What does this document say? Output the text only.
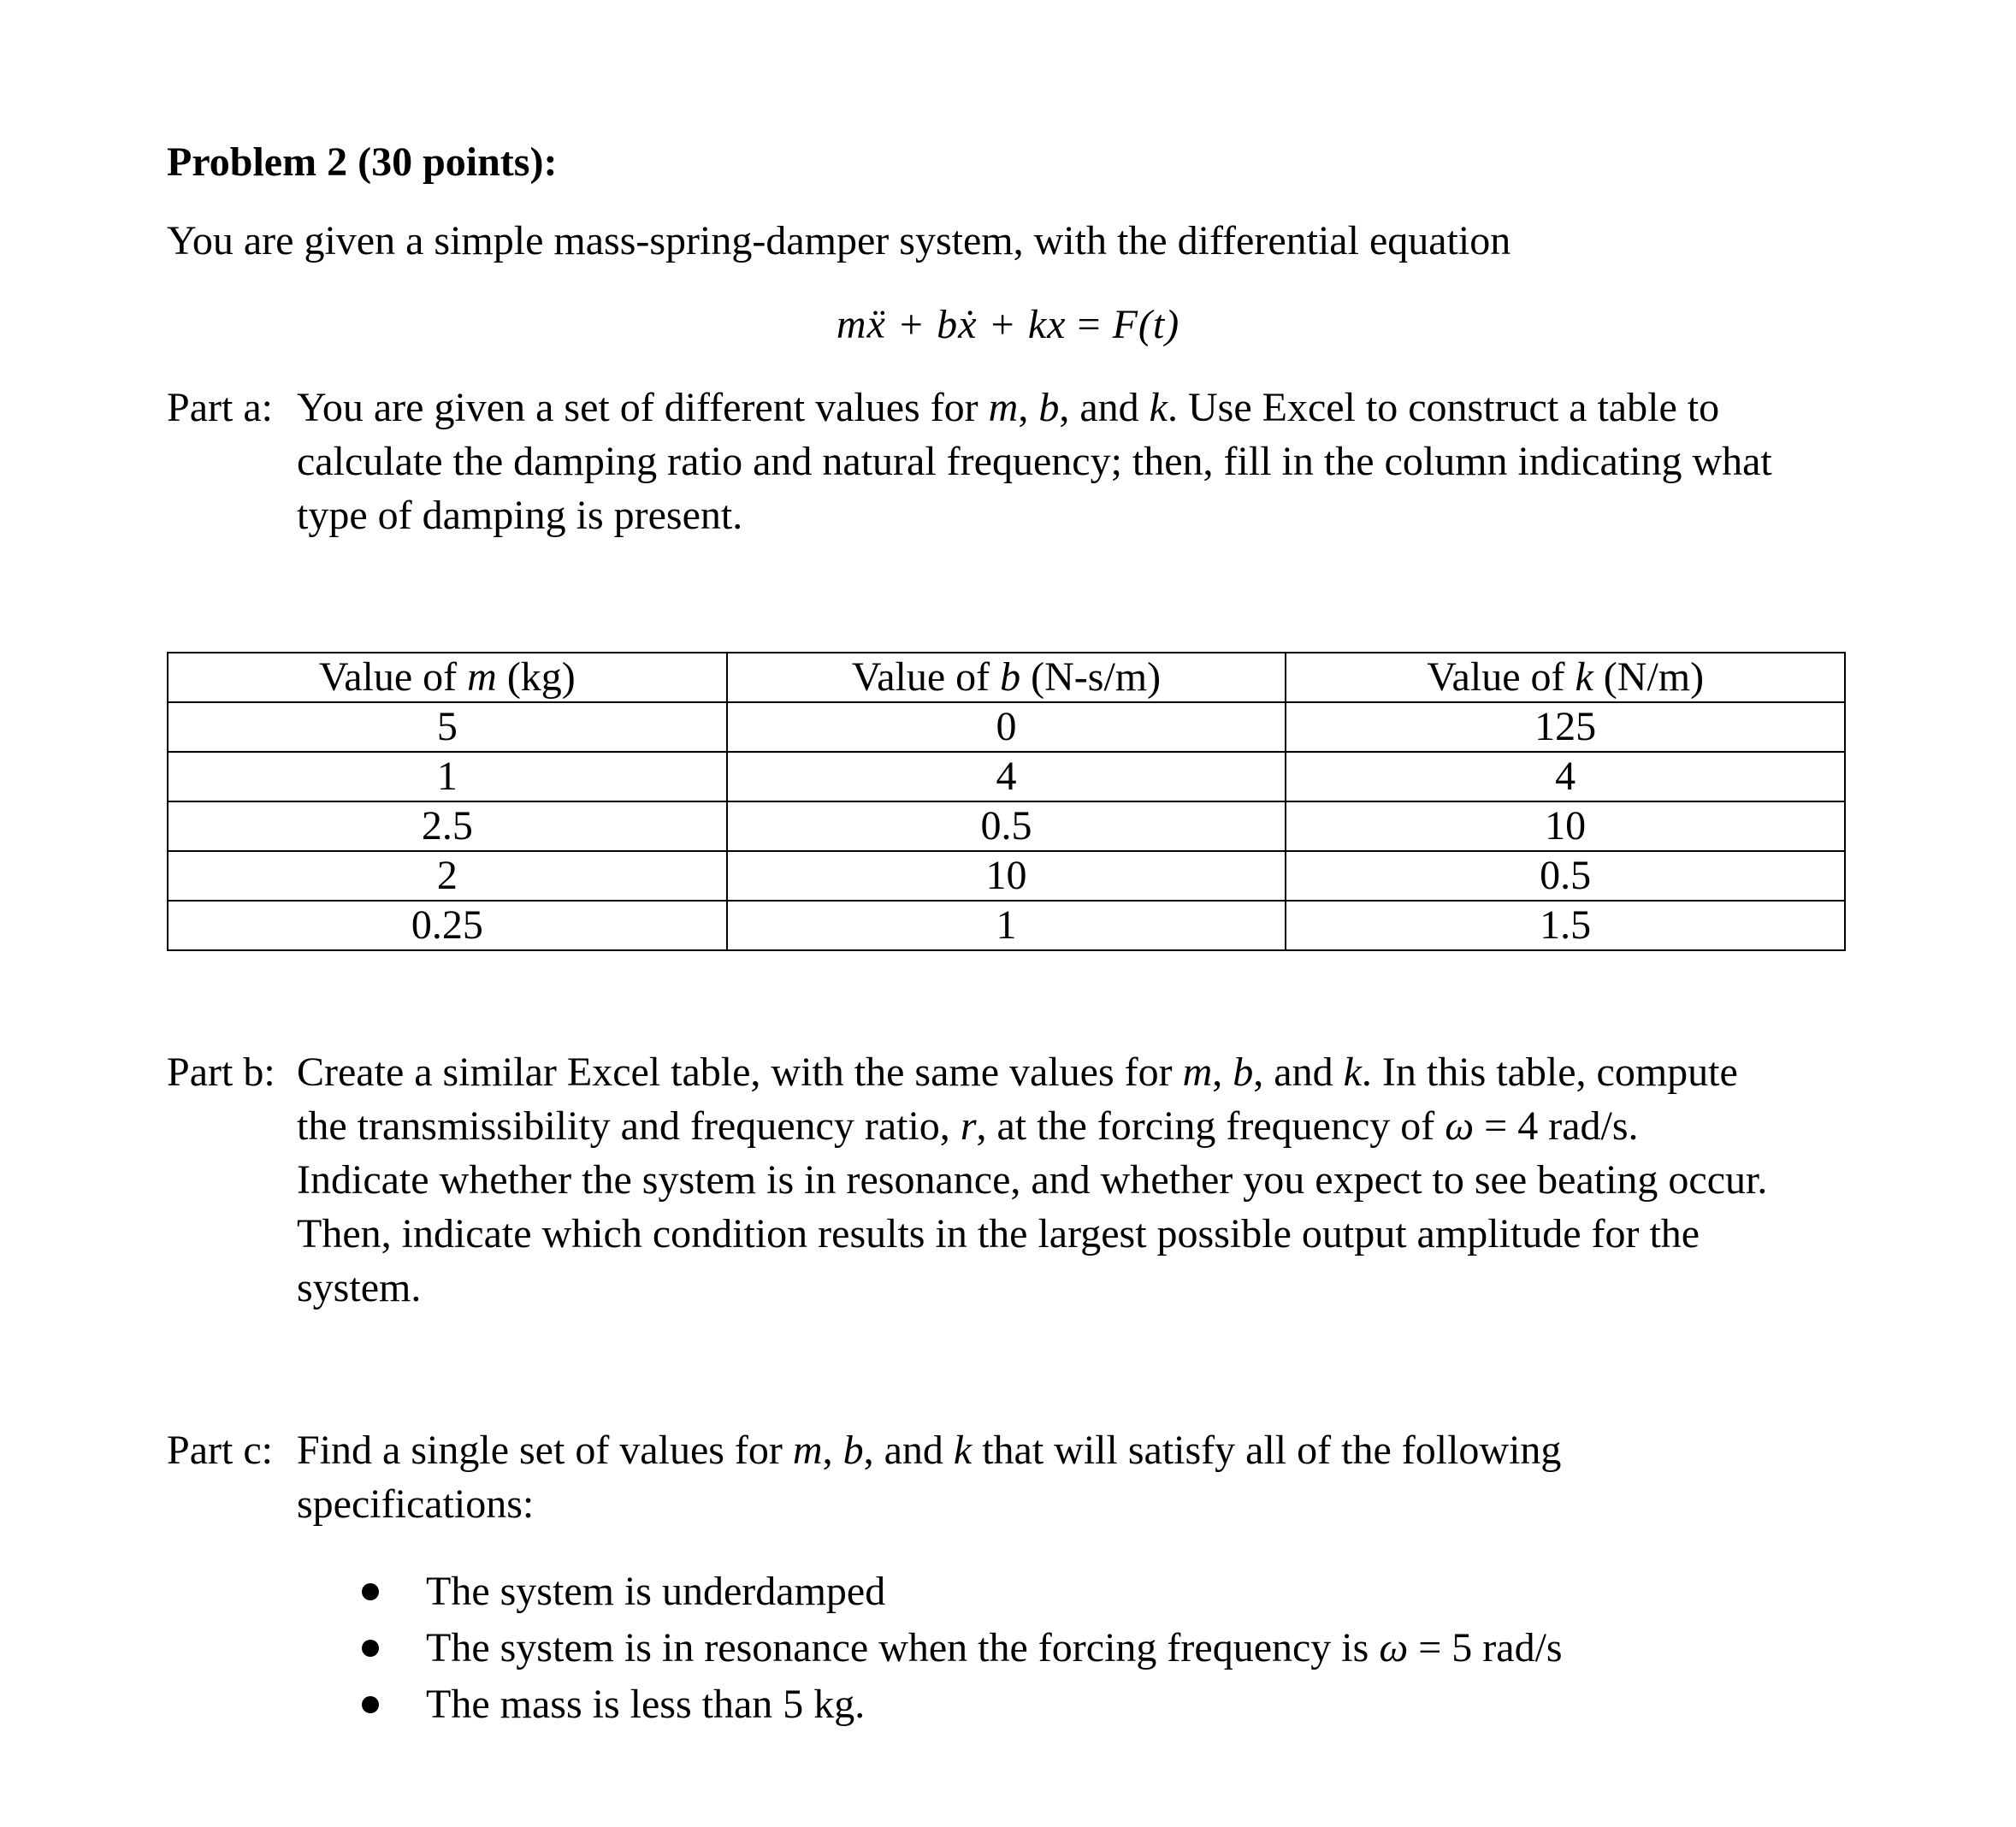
Problem 2 (30 points):
You are given a simple mass-spring-damper system, with the differential equation
mẍ + bẋ + kx = F(t)
Part a: You are given a set of different values for m, b, and k. Use Excel to construct a table to
calculate the damping ratio and natural frequency; then, fill in the column indicating what
type of damping is present.
Value of m (kg)	Value of b (N-s/m)	Value of k (N/m)
5	0	125
1	4	4
2.5	0.5	10
2	10	0.5
0.25	1	1.5
Part b: Create a similar Excel table, with the same values for m, b, and k. In this table, compute
the transmissibility and frequency ratio, r, at the forcing frequency of ω = 4 rad/s.
Indicate whether the system is in resonance, and whether you expect to see beating occur.
Then, indicate which condition results in the largest possible output amplitude for the
system.
Part c: Find a single set of values for m, b, and k that will satisfy all of the following
specifications:
The system is underdamped
The system is in resonance when the forcing frequency is ω = 5 rad/s
The mass is less than 5 kg.
